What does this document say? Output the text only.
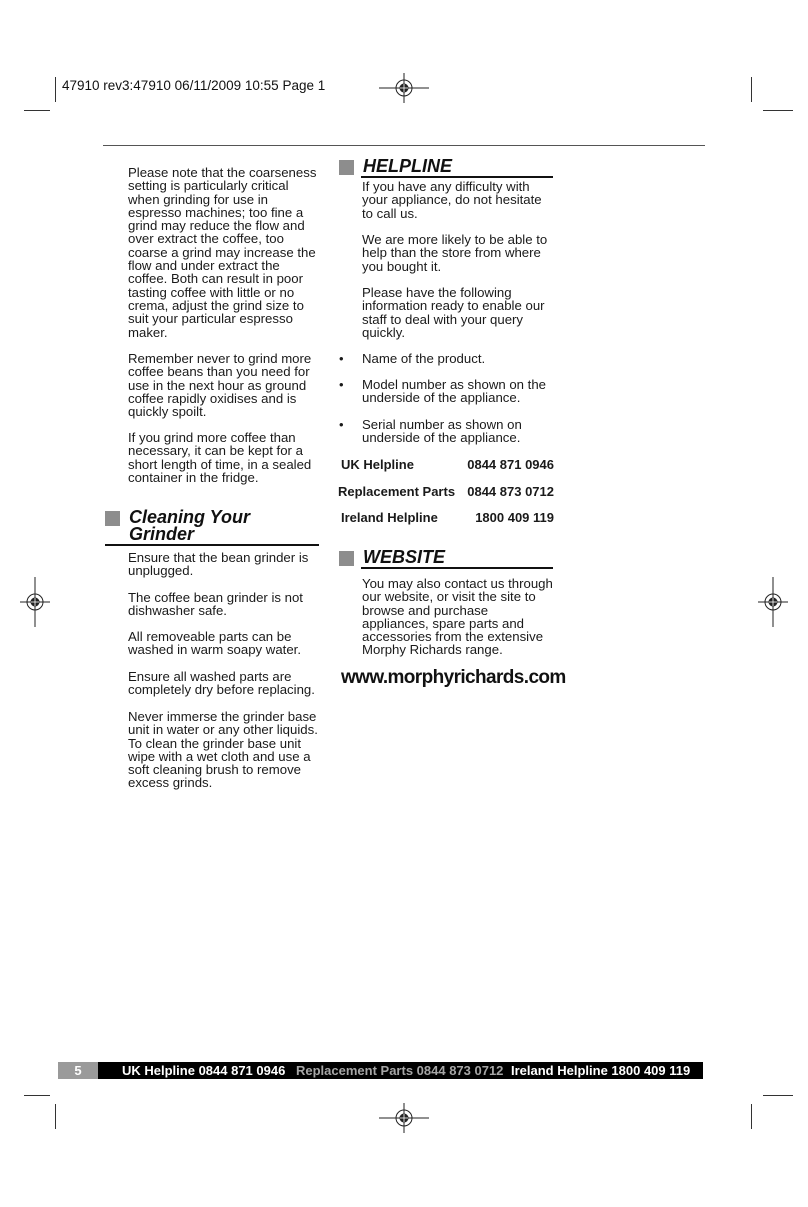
47910 rev3:47910 06/11/2009 10:55 Page 1

Please note that the coarseness setting is particularly critical when grinding for use in espresso machines; too fine a grind may reduce the flow and over extract the coffee, too coarse a grind may increase the flow and under extract the coffee. Both can result in poor tasting coffee with little or no crema, adjust the grind size to suit your particular espresso maker.

Remember never to grind more coffee beans than you need for use in the next hour as ground coffee rapidly oxidises and is quickly spoilt.

If you grind more coffee than necessary, it can be kept for a short length of time, in a sealed container in the fridge.

Cleaning Your Grinder

Ensure that the bean grinder is unplugged.

The coffee bean grinder is not dishwasher safe.

All removeable parts can be washed in warm soapy water.

Ensure all washed parts are completely dry before replacing.

Never immerse the grinder base unit in water or any other liquids. To clean the grinder base unit wipe with a wet cloth and use a soft cleaning brush to remove excess grinds.

HELPLINE

If you have any difficulty with your appliance, do not hesitate to call us.

We are more likely to be able to help than the store from where you bought it.

Please have the following information ready to enable our staff to deal with your query quickly.

• Name of the product.

• Model number as shown on the underside of the appliance.

• Serial number as shown on underside of the appliance.

UK Helpline	0844 871 0946
Replacement Parts 0844 873 0712
Ireland Helpline	1800 409 119
WEBSITE

You may also contact us through our website, or visit the site to browse and purchase appliances, spare parts and accessories from the extensive Morphy Richards range.

www.morphyrichards.com
5	UK Helpline 0844 871 0946 Replacement Parts 0844 873 0712 Ireland Helpline 1800 409 119
